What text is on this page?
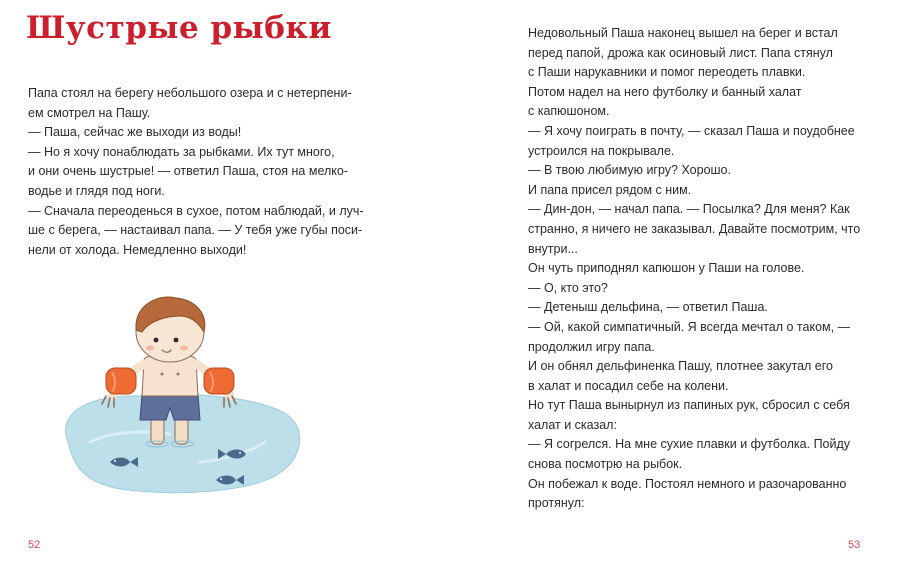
Шустрые рыбки
Папа стоял на берегу небольшого озера и с нетерпени-
ем смотрел на Пашу.
— Паша, сейчас же выходи из воды!
— Но я хочу понаблюдать за рыбками. Их тут много,
и они очень шустрые! — ответил Паша, стоя на мелко-
водье и глядя под ноги.
— Сначала переоденься в сухое, потом наблюдай, и луч-
ше с берега, — настаивал папа. — У тебя уже губы поси-
нели от холода. Немедленно выходи!
52
Недовольный Паша наконец вышел на берег и встал
перед папой, дрожа как осиновый лист. Папа стянул
с Паши нарукавники и помог переодеть плавки.
Потом надел на него футболку и банный халат
с капюшоном.
— Я хочу поиграть в почту, — сказал Паша и поудобнее
устроился на покрывале.
— В твою любимую игру? Хорошо.
И папа присел рядом с ним.
— Дин-дон, — начал папа. — Посылка? Для меня? Как
странно, я ничего не заказывал. Давайте посмотрим, что
внутри...
Он чуть приподнял капюшон у Паши на голове.
— О, кто это?
— Детеныш дельфина, — ответил Паша.
— Ой, какой симпатичный. Я всегда мечтал о таком, —
продолжил игру папа.
И он обнял дельфиненка Пашу, плотнее закутал его
в халат и посадил себе на колени.
Но тут Паша вынырнул из папиных рук, сбросил с себя
халат и сказал:
— Я согрелся. На мне сухие плавки и футболка. Пойду
снова посмотрю на рыбок.
Он побежал к воде. Постоял немного и разочарованно
протянул:
53
